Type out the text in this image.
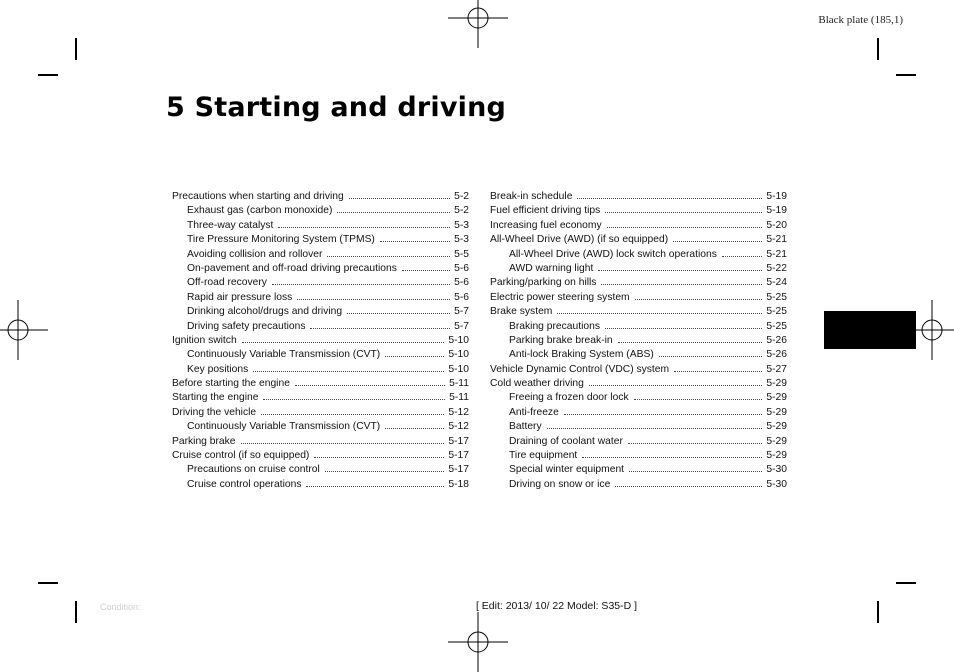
Black plate (185,1)
5 Starting and driving
Precautions when starting and driving	5-2
Exhaust gas (carbon monoxide)	5-2
Three-way catalyst	5-3
Tire Pressure Monitoring System (TPMS)	5-3
Avoiding collision and rollover	5-5
On-pavement and off-road driving precautions	5-6
Off-road recovery	5-6
Rapid air pressure loss	5-6
Drinking alcohol/drugs and driving	5-7
Driving safety precautions	5-7
Ignition switch	5-10
Continuously Variable Transmission (CVT)	5-10
Key positions	5-10
Before starting the engine	5-11
Starting the engine	5-11
Driving the vehicle	5-12
Continuously Variable Transmission (CVT)	5-12
Parking brake	5-17
Cruise control (if so equipped)	5-17
Precautions on cruise control	5-17
Cruise control operations	5-18
Break-in schedule	5-19
Fuel efficient driving tips	5-19
Increasing fuel economy	5-20
All-Wheel Drive (AWD) (if so equipped)	5-21
All-Wheel Drive (AWD) lock switch operations	5-21
AWD warning light	5-22
Parking/parking on hills	5-24
Electric power steering system	5-25
Brake system	5-25
Braking precautions	5-25
Parking brake break-in	5-26
Anti-lock Braking System (ABS)	5-26
Vehicle Dynamic Control (VDC) system	5-27
Cold weather driving	5-29
Freeing a frozen door lock	5-29
Anti-freeze	5-29
Battery	5-29
Draining of coolant water	5-29
Tire equipment	5-29
Special winter equipment	5-30
Driving on snow or ice	5-30
Condition:	[ Edit: 2013/ 10/ 22 Model: S35-D ]
